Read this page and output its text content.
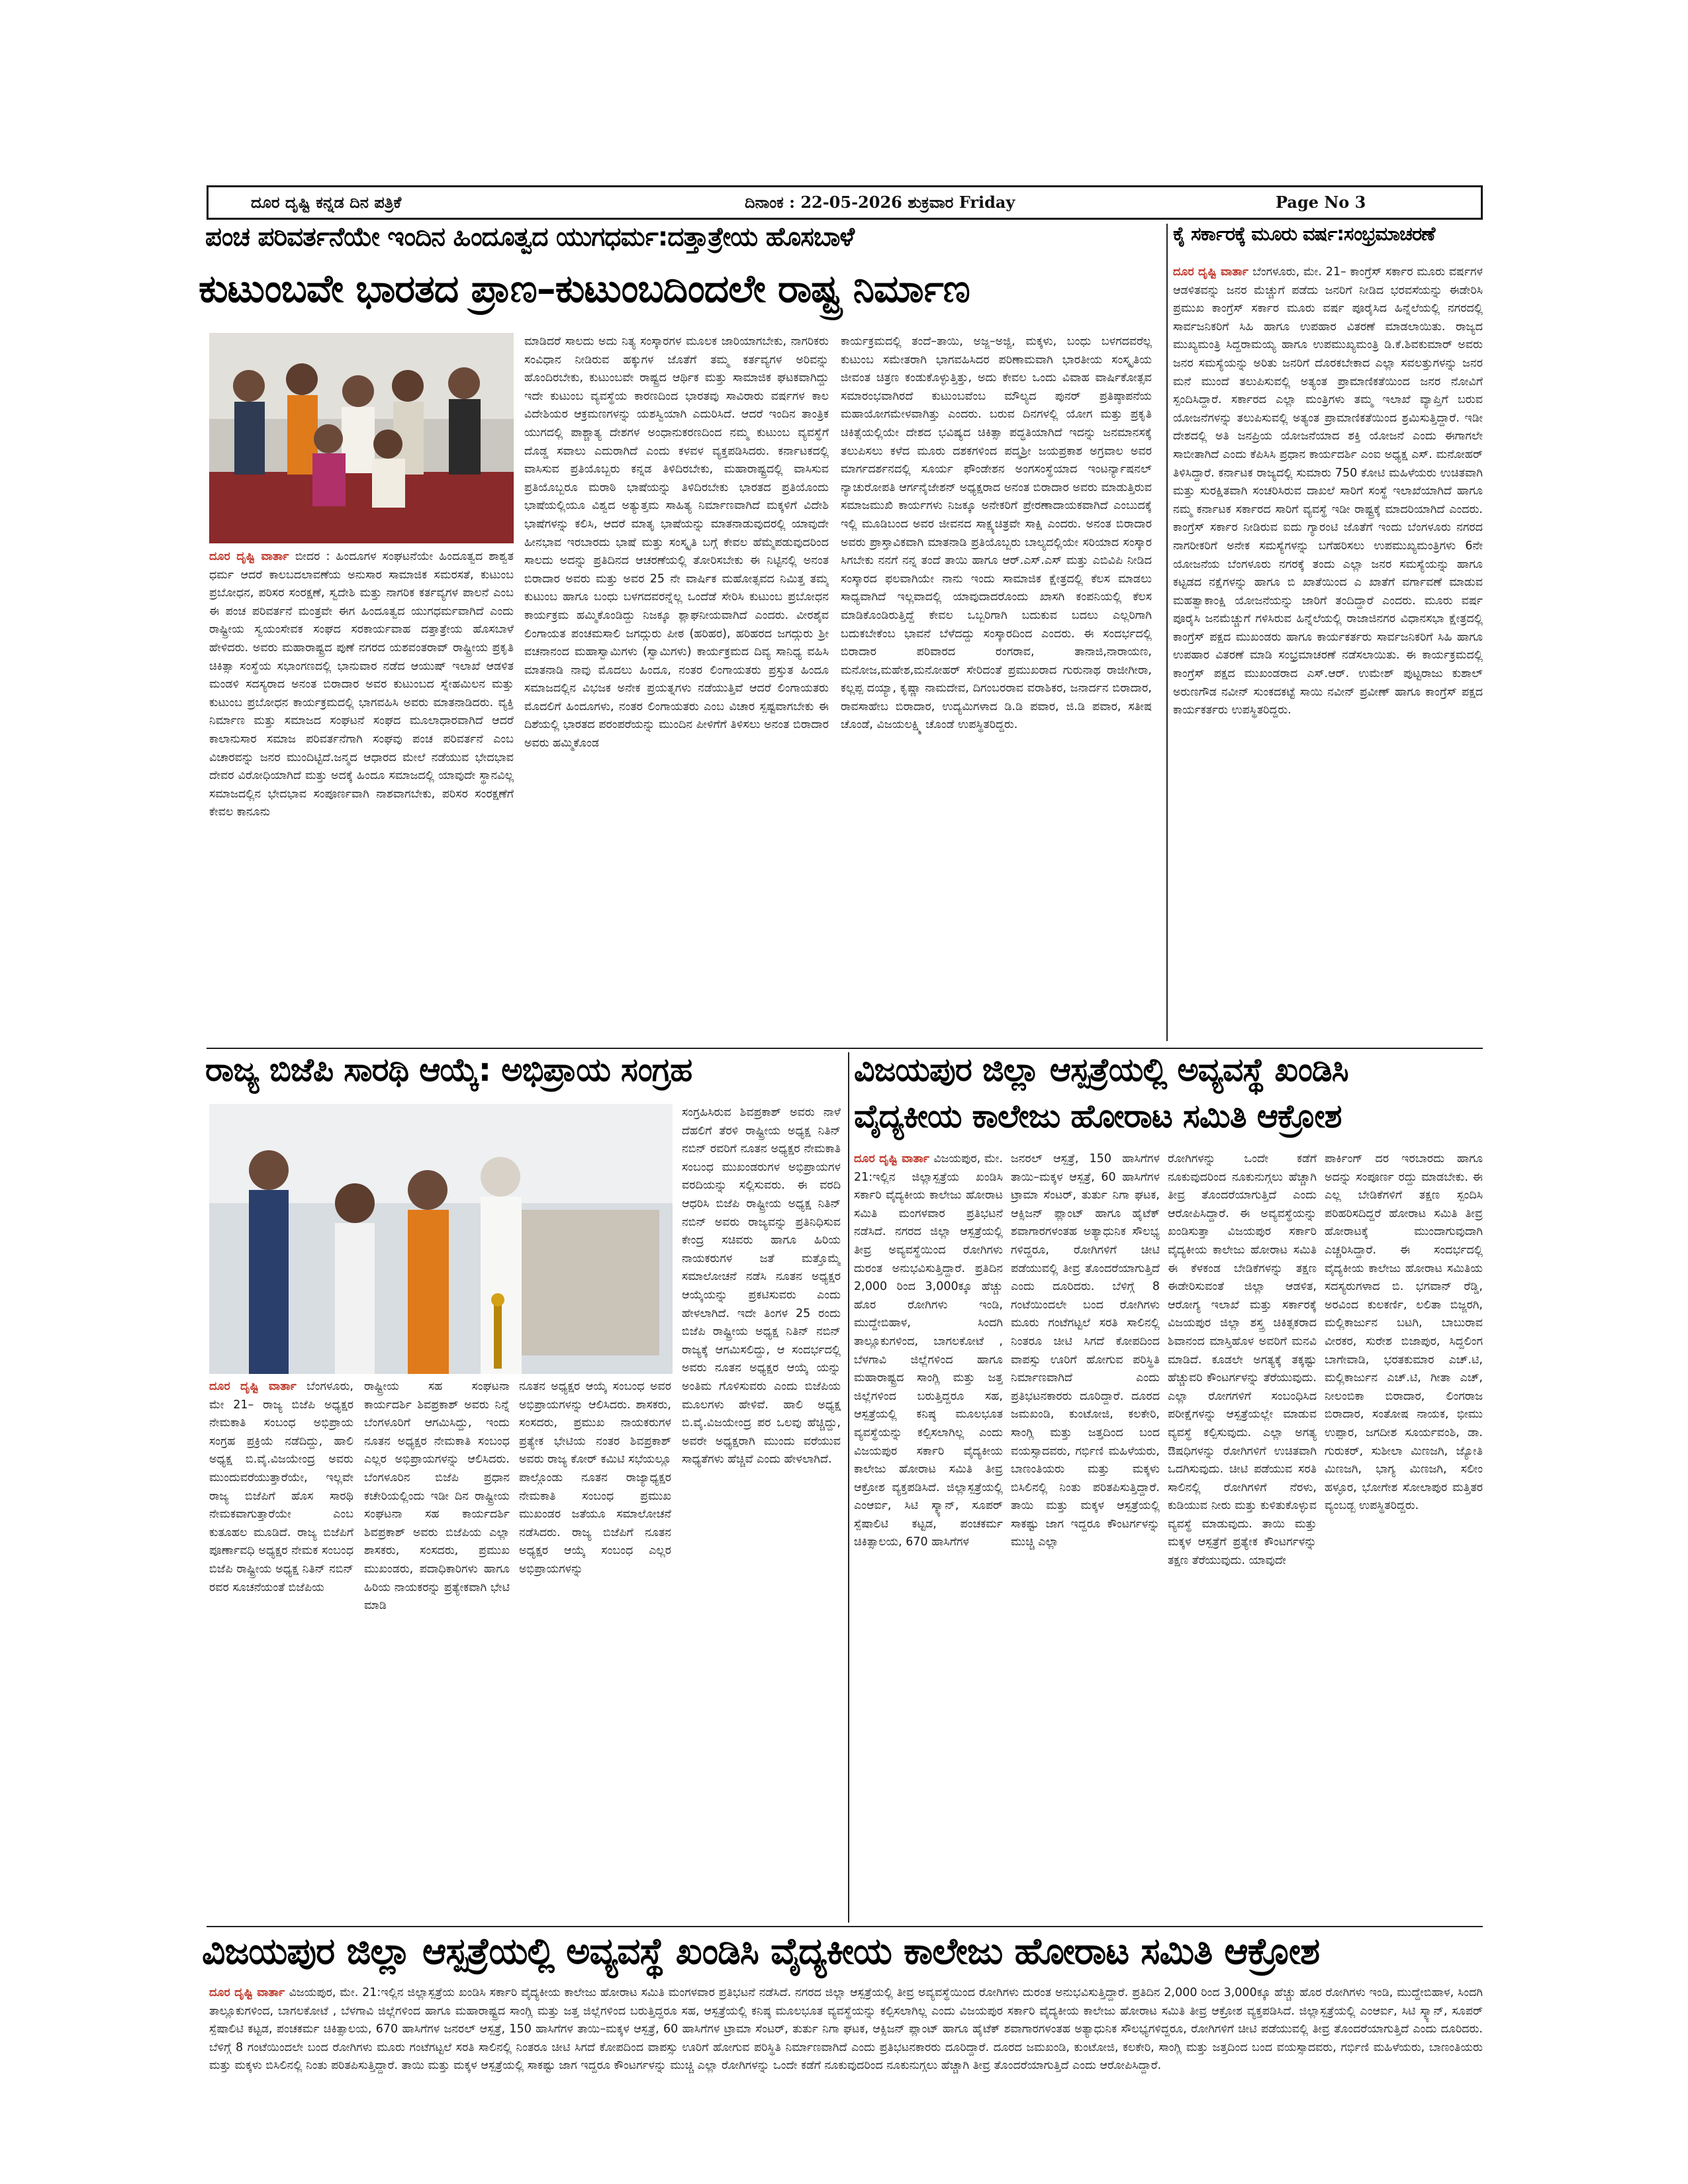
ದೂರ ದೃಷ್ಟಿ ಕನ್ನಡ ದಿನ ಪತ್ರಿಕೆ	ದಿನಾಂಕ : 22-05-2026 ಶುಕ್ರವಾರ Friday	Page No 3
ಪಂಚ ಪರಿವರ್ತನೆಯೇ ಇಂದಿನ ಹಿಂದೂತ್ವದ ಯುಗಧರ್ಮ:ದತ್ತಾತ್ರೇಯ ಹೊಸಬಾಳೆ
ಕುಟುಂಬವೇ ಭಾರತದ ಪ್ರಾಣ–ಕುಟುಂಬದಿಂದಲೇ ರಾಷ್ಟ್ರ ನಿರ್ಮಾಣ
ದೂರ ದೃಷ್ಟಿ ವಾರ್ತಾ ಬೀದರ : ಹಿಂದೂಗಳ ಸಂಘಟನೆಯೇ ಹಿಂದೂತ್ವದ ಶಾಶ್ವತ ಧರ್ಮ ಆದರೆ ಕಾಲಬದಲಾವಣೆಯ ಅನುಸಾರ ಸಾಮಾಜಿಕ ಸಮರಸತೆ, ಕುಟುಂಬ ಪ್ರಬೋಧನ, ಪರಿಸರ ಸಂರಕ್ಷಣೆ, ಸ್ವದೇಶಿ ಮತ್ತು ನಾಗರಿಕ ಕರ್ತವ್ಯಗಳ ಪಾಲನೆ ಎಂಬ ಈ ಪಂಚ ಪರಿವರ್ತನೆ ಮಂತ್ರವೇ ಈಗ ಹಿಂದೂತ್ವದ ಯುಗಧರ್ಮವಾಗಿದೆ ಎಂದು ರಾಷ್ಟ್ರೀಯ ಸ್ವಯಂಸೇವಕ ಸಂಘದ ಸರಕಾರ್ಯವಾಹ ದತ್ತಾತ್ರೇಯ ಹೊಸಬಾಳೆ ಹೇಳಿದರು. ಅವರು ಮಹಾರಾಷ್ಟ್ರದ ಪುಣೆ ನಗರದ ಯಶವಂತರಾವ್ ರಾಷ್ಟ್ರೀಯ ಪ್ರಕೃತಿ ಚಿಕಿತ್ಸಾ ಸಂಸ್ಥೆಯ ಸಭಾಂಗಣದಲ್ಲಿ ಭಾನುವಾರ ನಡೆದ ಆಯುಷ್ ಇಲಾಖೆ ಆಡಳಿತ ಮಂಡಳಿ ಸದಸ್ಯರಾದ ಅನಂತ ಬಿರಾದಾರ ಅವರ ಕುಟುಂಬದ ಸ್ನೇಹಮಿಲನ ಮತ್ತು ಕುಟುಂಬ ಪ್ರಬೋಧನ ಕಾರ್ಯಕ್ರಮದಲ್ಲಿ ಭಾಗವಹಿಸಿ ಅವರು ಮಾತನಾಡಿದರು. ವ್ಯಕ್ತಿ ನಿರ್ಮಾಣ ಮತ್ತು ಸಮಾಜದ ಸಂಘಟನೆ ಸಂಘದ ಮೂಲಾಧಾರವಾಗಿದೆ ಆದರೆ ಕಾಲಾನುಸಾರ ಸಮಾಜ ಪರಿವರ್ತನೆಗಾಗಿ ಸಂಘವು ಪಂಚ ಪರಿವರ್ತನೆ ಎಂಬ ವಿಚಾರವನ್ನು ಜನರ ಮುಂದಿಟ್ಟಿದೆ.ಜನ್ಮದ ಆಧಾರದ ಮೇಲೆ ನಡೆಯುವ ಭೇದಭಾವ ದೇವರ ವಿರೋಧಿಯಾಗಿದೆ ಮತ್ತು ಅದಕ್ಕೆ ಹಿಂದೂ ಸಮಾಜದಲ್ಲಿ ಯಾವುದೇ ಸ್ಥಾನವಿಲ್ಲ ಸಮಾಜದಲ್ಲಿನ ಭೇದಭಾವ ಸಂಪೂರ್ಣವಾಗಿ ನಾಶವಾಗಬೇಕು, ಪರಿಸರ ಸಂರಕ್ಷಣೆಗೆ ಕೇವಲ ಕಾನೂನು
ಮಾಡಿದರೆ ಸಾಲದು ಅದು ನಿತ್ಯ ಸಂಸ್ಕಾರಗಳ ಮೂಲಕ ಜಾರಿಯಾಗಬೇಕು, ನಾಗರಿಕರು ಸಂವಿಧಾನ ನೀಡಿರುವ ಹಕ್ಕುಗಳ ಜೊತೆಗೆ ತಮ್ಮ ಕರ್ತವ್ಯಗಳ ಅರಿವನ್ನು ಹೊಂದಿರಬೇಕು, ಕುಟುಂಬವೇ ರಾಷ್ಟ್ರದ ಆರ್ಥಿಕ ಮತ್ತು ಸಾಮಾಜಿಕ ಘಟಕವಾಗಿದ್ದು ಇದೇ ಕುಟುಂಬ ವ್ಯವಸ್ಥೆಯ ಕಾರಣದಿಂದ ಭಾರತವು ಸಾವಿರಾರು ವರ್ಷಗಳ ಕಾಲ ವಿದೇಶಿಯರ ಆಕ್ರಮಣಗಳನ್ನು ಯಶಸ್ವಿಯಾಗಿ ಎದುರಿಸಿದೆ. ಆದರೆ ಇಂದಿನ ತಾಂತ್ರಿಕ ಯುಗದಲ್ಲಿ ಪಾಶ್ಚಾತ್ಯ ದೇಶಗಳ ಅಂಧಾನುಕರಣದಿಂದ ನಮ್ಮ ಕುಟುಂಬ ವ್ಯವಸ್ಥೆಗೆ ದೊಡ್ಡ ಸವಾಲು ಎದುರಾಗಿದೆ ಎಂದು ಕಳವಳ ವ್ಯಕ್ತಪಡಿಸಿದರು. ಕರ್ನಾಟಕದಲ್ಲಿ ವಾಸಿಸುವ ಪ್ರತಿಯೊಬ್ಬರು ಕನ್ನಡ ತಿಳಿದಿರಬೇಕು, ಮಹಾರಾಷ್ಟ್ರದಲ್ಲಿ ವಾಸಿಸುವ ಪ್ರತಿಯೊಬ್ಬರೂ ಮರಾಠಿ ಭಾಷೆಯನ್ನು ತಿಳಿದಿರಬೇಕು ಭಾರತದ ಪ್ರತಿಯೊಂದು ಭಾಷೆಯಲ್ಲಿಯೂ ವಿಶ್ವದ ಅತ್ಯುತ್ತಮ ಸಾಹಿತ್ಯ ನಿರ್ಮಾಣವಾಗಿದೆ ಮಕ್ಕಳಿಗೆ ವಿದೇಶಿ ಭಾಷೆಗಳನ್ನು ಕಲಿಸಿ, ಆದರೆ ಮಾತೃ ಭಾಷೆಯನ್ನು ಮಾತನಾಡುವುದರಲ್ಲಿ ಯಾವುದೇ ಹೀನಭಾವ ಇರಬಾರದು ಭಾಷೆ ಮತ್ತು ಸಂಸ್ಕೃತಿ ಬಗ್ಗೆ ಕೇವಲ ಹೆಮ್ಮೆಪಡುವುದರಿಂದ ಸಾಲದು ಅದನ್ನು ಪ್ರತಿದಿನದ ಆಚರಣೆಯಲ್ಲಿ ತೋರಿಸಬೇಕು ಈ ನಿಟ್ಟಿನಲ್ಲಿ ಅನಂತ ಬಿರಾದಾರ ಅವರು ಮತ್ತು ಅವರ 25 ನೇ ವಾರ್ಷಿಕ ಮಹೋತ್ಸವದ ನಿಮಿತ್ತ ತಮ್ಮ ಕುಟುಂಬ ಹಾಗೂ ಬಂಧು ಬಳಗದವರನ್ನೆಲ್ಲ ಒಂದೆಡೆ ಸೇರಿಸಿ ಕುಟುಂಬ ಪ್ರಬೋಧನ ಕಾರ್ಯಕ್ರಮ ಹಮ್ಮಿಕೊಂಡಿದ್ದು ನಿಜಕ್ಕೂ ಶ್ಲಾಘನೀಯವಾಗಿದೆ ಎಂದರು. ವೀರಶೈವ ಲಿಂಗಾಯತ ಪಂಚಮಸಾಲಿ ಜಗದ್ಗುರು ಪೀಠ (ಹರಿಹರ), ಹರಿಹರದ ಜಗದ್ಗುರು ಶ್ರೀ ವಚನಾನಂದ ಮಹಾಸ್ವಾಮಿಗಳು (ಸ್ವಾಮಿಗಳು) ಕಾರ್ಯಕ್ರಮದ ದಿವ್ಯ ಸಾನಿಧ್ಯ ವಹಿಸಿ ಮಾತನಾಡಿ ನಾವು ಮೊದಲು ಹಿಂದೂ, ನಂತರ ಲಿಂಗಾಯತರು ಪ್ರಸ್ತುತ ಹಿಂದೂ ಸಮಾಜದಲ್ಲಿನ ವಿಭಜಕ ಅನೇಕ ಪ್ರಯತ್ನಗಳು ನಡೆಯುತ್ತಿವೆ ಆದರೆ ಲಿಂಗಾಯತರು ಮೊದಲಿಗೆ ಹಿಂದೂಗಳು, ನಂತರ ಲಿಂಗಾಯತರು ಎಂಬ ವಿಚಾರ ಸ್ಪಷ್ಟವಾಗಬೇಕು ಈ ದಿಶೆಯಲ್ಲಿ ಭಾರತದ ಪರಂಪರೆಯನ್ನು ಮುಂದಿನ ಪೀಳಿಗೆಗೆ ತಿಳಿಸಲು ಅನಂತ ಬಿರಾದಾರ ಅವರು ಹಮ್ಮಿಕೊಂಡ
ಕಾರ್ಯಕ್ರಮದಲ್ಲಿ ತಂದೆ–ತಾಯಿ, ಅಜ್ಜ–ಅಜ್ಜಿ, ಮಕ್ಕಳು, ಬಂಧು ಬಳಗದವರೆಲ್ಲ ಕುಟುಂಬ ಸಮೇತರಾಗಿ ಭಾಗವಹಿಸಿದರ ಪರಿಣಾಮವಾಗಿ ಭಾರತೀಯ ಸಂಸ್ಕೃತಿಯ ಜೀವಂತ ಚಿತ್ರಣ ಕಂಡುಕೊಳ್ಳುತ್ತಿತ್ತು, ಅದು ಕೇವಲ ಒಂದು ವಿವಾಹ ವಾರ್ಷಿಕೋತ್ಸವ ಸಮಾರಂಭವಾಗಿರದೆ ಕುಟುಂಬವೆಂಬ ಮೌಲ್ಯದ ಪುನರ್ ಪ್ರತಿಷ್ಠಾಪನೆಯ ಮಹಾಯೋಗಮೇಳವಾಗಿತ್ತು ಎಂದರು. ಬರುವ ದಿನಗಳಲ್ಲಿ ಯೋಗ ಮತ್ತು ಪ್ರಕೃತಿ ಚಿಕಿತ್ಸೆಯಲ್ಲಿಯೇ ದೇಶದ ಭವಿಷ್ಯದ ಚಿಕಿತ್ಸಾ ಪದ್ಧತಿಯಾಗಿದೆ ಇದನ್ನು ಜನಮಾನಸಕ್ಕೆ ತಲುಪಿಸಲು ಕಳೆದ ಮೂರು ದಶಕಗಳಿಂದ ಪದ್ಮಶ್ರೀ ಜಯಪ್ರಕಾಶ ಅಗ್ರವಾಲ ಅವರ ಮಾರ್ಗದರ್ಶನದಲ್ಲಿ ಸೂರ್ಯ ಫೌಂಡೇಶನ ಅಂಗಸಂಸ್ಥೆಯಾದ ಇಂಟರ್ನ್ಯಾಷನಲ್ ನ್ಯಾಚುರೋಪತಿ ಆರ್ಗನೈಜೇಶನ್ ಅಧ್ಯಕ್ಷರಾದ ಅನಂತ ಬಿರಾದಾರ ಅವರು ಮಾಡುತ್ತಿರುವ ಸಮಾಜಮುಖಿ ಕಾರ್ಯಗಳು ನಿಜಕ್ಕೂ ಅನೇಕರಿಗೆ ಪ್ರೇರಣಾದಾಯಕವಾಗಿದೆ ಎಂಬುದಕ್ಕೆ ಇಲ್ಲಿ ಮೂಡಿಬಂದ ಅವರ ಜೀವನದ ಸಾಕ್ಷ್ಯಚಿತ್ರವೇ ಸಾಕ್ಷಿ ಎಂದರು. ಅನಂತ ಬಿರಾದಾರ ಅವರು ಪ್ರಾಸ್ತಾವಿಕವಾಗಿ ಮಾತನಾಡಿ ಪ್ರತಿಯೊಬ್ಬರು ಬಾಲ್ಯದಲ್ಲಿಯೇ ಸರಿಯಾದ ಸಂಸ್ಕಾರ ಸಿಗಬೇಕು ನನಗೆ ನನ್ನ ತಂದೆ ತಾಯಿ ಹಾಗೂ ಆರ್.ಎಸ್.ಎಸ್ ಮತ್ತು ಎಬಿವಿಪಿ ನೀಡಿದ ಸಂಸ್ಕಾರದ ಫಲವಾಗಿಯೇ ನಾನು ಇಂದು ಸಾಮಾಜಿಕ ಕ್ಷೇತ್ರದಲ್ಲಿ ಕೆಲಸ ಮಾಡಲು ಸಾಧ್ಯವಾಗಿದೆ ಇಲ್ಲವಾದಲ್ಲಿ ಯಾವುದಾದರೊಂದು ಖಾಸಗಿ ಕಂಪನಿಯಲ್ಲಿ ಕೆಲಸ ಮಾಡಿಕೊಂಡಿರುತ್ತಿದ್ದೆ ಕೇವಲ ಒಬ್ಬರಿಗಾಗಿ ಬದುಕುವ ಬದಲು ಎಲ್ಲರಿಗಾಗಿ ಬದುಕಬೇಕೆಂಬ ಭಾವನೆ ಬೆಳೆದದ್ದು ಸಂಸ್ಕಾರದಿಂದ ಎಂದರು. ಈ ಸಂದರ್ಭದಲ್ಲಿ ಬಿರಾದಾರ ಪರಿವಾರದ ರಂಗರಾವ, ತಾನಾಜಿ,ನಾರಾಯಣ, ಮನೋಜ,ಮಹೇಶ,ಮನೋಹರ್ ಸೇರಿದಂತೆ ಪ್ರಮುಖರಾದ ಗುರುನಾಥ ರಾಜೀಗೀರಾ, ಕಲ್ಲಪ್ಪ ದಯ್ಯಾ, ಕೃಷ್ಣಾ ನಾಮದೇವ, ದಿಗಂಬರರಾವ ವರಾಶಿಕರ, ಜನಾರ್ದನ ಬಿರಾದಾರ, ರಾವಸಾಹೇಬ ಬಿರಾದಾರ, ಉದ್ಯಮಿಗಳಾದ ಡಿ.ಡಿ ಪವಾರ, ಜಿ.ಡಿ ಪವಾರ, ಸತೀಷ ಚೊಂಡೆ, ವಿಜಯಲಕ್ಷ್ಮಿ ಚೊಂಡೆ ಉಪಸ್ಥಿತರಿದ್ದರು.
ಕೈ ಸರ್ಕಾರಕ್ಕೆ ಮೂರು ವರ್ಷ:ಸಂಭ್ರಮಾಚರಣೆ
ದೂರ ದೃಷ್ಟಿ ವಾರ್ತಾ ಬೆಂಗಳೂರು, ಮೇ. 21– ಕಾಂಗ್ರೆಸ್ ಸರ್ಕಾರ ಮೂರು ವರ್ಷಗಳ ಆಡಳಿತವನ್ನು ಜನರ ಮೆಚ್ಚುಗೆ ಪಡೆದು ಜನರಿಗೆ ನೀಡಿದ ಭರವಸೆಯನ್ನು ಈಡೇರಿಸಿ ಪ್ರಮುಖ ಕಾಂಗ್ರೆಸ್ ಸರ್ಕಾರ ಮೂರು ವರ್ಷ ಪೂರೈಸಿದ ಹಿನ್ನೆಲೆಯಲ್ಲಿ ನಗರದಲ್ಲಿ ಸಾರ್ವಜನಿಕರಿಗೆ ಸಿಹಿ ಹಾಗೂ ಉಪಹಾರ ವಿತರಣೆ ಮಾಡಲಾಯಿತು. ರಾಜ್ಯದ ಮುಖ್ಯಮಂತ್ರಿ ಸಿದ್ದರಾಮಯ್ಯ ಹಾಗೂ ಉಪಮುಖ್ಯಮಂತ್ರಿ ಡಿ.ಕೆ.ಶಿವಕುಮಾರ್ ಅವರು ಜನರ ಸಮಸ್ಯೆಯನ್ನು ಅರಿತು ಜನರಿಗೆ ದೊರಕಬೇಕಾದ ಎಲ್ಲಾ ಸವಲತ್ತುಗಳನ್ನು ಜನರ ಮನೆ ಮುಂದೆ ತಲುಪಿಸುವಲ್ಲಿ ಅತ್ಯಂತ ಪ್ರಾಮಾಣಿಕತೆಯಿಂದ ಜನರ ನೋವಿಗೆ ಸ್ಪಂದಿಸಿದ್ದಾರೆ. ಸರ್ಕಾರದ ಎಲ್ಲಾ ಮಂತ್ರಿಗಳು ತಮ್ಮ ಇಲಾಖೆ ವ್ಯಾಪ್ತಿಗೆ ಬರುವ ಯೋಜನೆಗಳನ್ನು ತಲುಪಿಸುವಲ್ಲಿ ಅತ್ಯಂತ ಪ್ರಾಮಾಣಿಕತೆಯಿಂದ ಶ್ರಮಿಸುತ್ತಿದ್ದಾರೆ. ಇಡೀ ದೇಶದಲ್ಲಿ ಅತಿ ಜನಪ್ರಿಯ ಯೋಜನೆಯಾದ ಶಕ್ತಿ ಯೋಜನೆ ಎಂದು ಈಗಾಗಲೇ ಸಾಬೀತಾಗಿದೆ ಎಂದು ಕೆಪಿಸಿಸಿ ಪ್ರಧಾನ ಕಾರ್ಯದರ್ಶಿ ಎಂಐ ಅಧ್ಯಕ್ಷ ಎಸ್. ಮನೋಹರ್ ತಿಳಿಸಿದ್ದಾರೆ. ಕರ್ನಾಟಕ ರಾಜ್ಯದಲ್ಲಿ ಸುಮಾರು 750 ಕೋಟಿ ಮಹಿಳೆಯರು ಉಚಿತವಾಗಿ ಮತ್ತು ಸುರಕ್ಷಿತವಾಗಿ ಸಂಚರಿಸಿರುವ ದಾಖಲೆ ಸಾರಿಗೆ ಸಂಸ್ಥೆ ಇಲಾಖೆಯಾಗಿದೆ ಹಾಗೂ ನಮ್ಮ ಕರ್ನಾಟಕ ಸರ್ಕಾರದ ಸಾರಿಗೆ ವ್ಯವಸ್ಥೆ ಇಡೀ ರಾಷ್ಟ್ರಕ್ಕೆ ಮಾದರಿಯಾಗಿದೆ ಎಂದರು. ಕಾಂಗ್ರೆಸ್ ಸರ್ಕಾರ ನೀಡಿರುವ ಐದು ಗ್ಯಾರಂಟಿ ಜೊತೆಗೆ ಇಂದು ಬೆಂಗಳೂರು ನಗರದ ನಾಗರೀಕರಿಗೆ ಅನೇಕ ಸಮಸ್ಯೆಗಳನ್ನು ಬಗೆಹರಿಸಲು ಉಪಮುಖ್ಯಮಂತ್ರಿಗಳು 6ನೇ ಯೋಜನೆಯ ಬೆಂಗಳೂರು ನಗರಕ್ಕೆ ತಂದು ಎಲ್ಲಾ ಜನರ ಸಮಸ್ಯೆಯನ್ನು ಹಾಗೂ ಕಟ್ಟಡದ ನಕ್ಷೆಗಳನ್ನು ಹಾಗೂ ಬಿ ಖಾತೆಯಿಂದ ಎ ಖಾತೆಗೆ ವರ್ಗಾವಣೆ ಮಾಡುವ ಮಹತ್ವಾಕಾಂಕ್ಷಿ ಯೋಜನೆಯನ್ನು ಜಾರಿಗೆ ತಂದಿದ್ದಾರೆ ಎಂದರು. ಮೂರು ವರ್ಷ ಪೂರೈಸಿ ಜನಮೆಚ್ಚುಗೆ ಗಳಿಸಿರುವ ಹಿನ್ನೆಲೆಯಲ್ಲಿ ರಾಜಾಜಿನಗರ ವಿಧಾನಸಭಾ ಕ್ಷೇತ್ರದಲ್ಲಿ ಕಾಂಗ್ರೆಸ್ ಪಕ್ಷದ ಮುಖಂಡರು ಹಾಗೂ ಕಾರ್ಯಕರ್ತರು ಸಾರ್ವಜನಿಕರಿಗೆ ಸಿಹಿ ಹಾಗೂ ಉಪಹಾರ ವಿತರಣೆ ಮಾಡಿ ಸಂಭ್ರಮಾಚರಣೆ ನಡೆಸಲಾಯಿತು. ಈ ಕಾರ್ಯಕ್ರಮದಲ್ಲಿ ಕಾಂಗ್ರೆಸ್ ಪಕ್ಷದ ಮುಖಂಡರಾದ ಎಸ್.ಆರ್. ಉಮೇಶ್ ಪುಟ್ಟರಾಜು ಕುಶಾಲ್ ಅರುಣಗೌಡ ನವೀನ್ ಸುಂಕದಕಟ್ಟೆ ಸಾಯಿ ನವೀನ್ ಪ್ರವೀಣ್ ಹಾಗೂ ಕಾಂಗ್ರೆಸ್ ಪಕ್ಷದ ಕಾರ್ಯಕರ್ತರು ಉಪಸ್ಥಿತರಿದ್ದರು.
ರಾಜ್ಯ ಬಿಜೆಪಿ ಸಾರಥಿ ಆಯ್ಕೆ: ಅಭಿಪ್ರಾಯ ಸಂಗ್ರಹ
ದೂರ ದೃಷ್ಟಿ ವಾರ್ತಾ ಬೆಂಗಳೂರು, ಮೇ 21– ರಾಜ್ಯ ಬಿಜೆಪಿ ಅಧ್ಯಕ್ಷರ ನೇಮಕಾತಿ ಸಂಬಂಧ ಅಭಿಪ್ರಾಯ ಸಂಗ್ರಹ ಪ್ರಕ್ರಿಯೆ ನಡೆದಿದ್ದು, ಹಾಲಿ ಅಧ್ಯಕ್ಷ ಬಿ.ವೈ.ವಿಜಯೇಂದ್ರ ಅವರು ಮುಂದುವರೆಯುತ್ತಾರೆಯೇ, ಇಲ್ಲವೇ ರಾಜ್ಯ ಬಿಜೆಪಿಗೆ ಹೊಸ ಸಾರಥಿ ನೇಮಕವಾಗುತ್ತಾರೆಯೇ ಎಂಬ ಕುತೂಹಲ ಮೂಡಿದೆ. ರಾಜ್ಯ ಬಿಜೆಪಿಗೆ ಪೂರ್ಣಾವಧಿ ಅಧ್ಯಕ್ಷರ ನೇಮಕ ಸಂಬಂಧ ಬಿಜೆಪಿ ರಾಷ್ಟ್ರೀಯ ಅಧ್ಯಕ್ಷ ನಿತಿನ್ ನಬಿನ್ ರವರ ಸೂಚನೆಯಂತೆ ಬಿಜೆಪಿಯ
ರಾಷ್ಟ್ರೀಯ ಸಹ ಸಂಘಟನಾ ಕಾರ್ಯದರ್ಶಿ ಶಿವಪ್ರಕಾಶ್ ಅವರು ನಿನ್ನೆ ಬೆಂಗಳೂರಿಗೆ ಆಗಮಿಸಿದ್ದು, ಇಂದು ನೂತನ ಅಧ್ಯಕ್ಷರ ನೇಮಕಾತಿ ಸಂಬಂಧ ಎಲ್ಲರ ಅಭಿಪ್ರಾಯಗಳನ್ನು ಆಲಿಸಿದರು. ಬೆಂಗಳೂರಿನ ಬಿಜೆಪಿ ಪ್ರಧಾನ ಕಚೇರಿಯಲ್ಲಿಂದು ಇಡೀ ದಿನ ರಾಷ್ಟ್ರೀಯ ಸಂಘಟನಾ ಸಹ ಕಾರ್ಯದರ್ಶಿ ಶಿವಪ್ರಕಾಶ್ ಅವರು ಬಿಜೆಪಿಯ ಎಲ್ಲಾ ಶಾಸಕರು, ಸಂಸದರು, ಪ್ರಮುಖ ಮುಖಂಡರು, ಪದಾಧಿಕಾರಿಗಳು ಹಾಗೂ ಹಿರಿಯ ನಾಯಕರನ್ನು ಪ್ರತ್ಯೇಕವಾಗಿ ಭೇಟಿ ಮಾಡಿ
ನೂತನ ಅಧ್ಯಕ್ಷರ ಆಯ್ಕೆ ಸಂಬಂಧ ಅವರ ಅಭಿಪ್ರಾಯಗಳನ್ನು ಆಲಿಸಿದರು. ಶಾಸಕರು, ಸಂಸದರು, ಪ್ರಮುಖ ನಾಯಕರುಗಳ ಪ್ರತ್ಯೇಕ ಭೇಟಿಯ ನಂತರ ಶಿವಪ್ರಕಾಶ್ ಅವರು ರಾಜ್ಯ ಕೋರ್ ಕಮಿಟಿ ಸಭೆಯಲ್ಲೂ ಪಾಲ್ಗೊಂಡು ನೂತನ ರಾಜ್ಯಾಧ್ಯಕ್ಷರ ನೇಮಕಾತಿ ಸಂಬಂಧ ಪ್ರಮುಖ ಮುಖಂಡರ ಜತೆಯೂ ಸಮಾಲೋಚನೆ ನಡೆಸಿದರು. ರಾಜ್ಯ ಬಿಜೆಪಿಗೆ ನೂತನ ಅಧ್ಯಕ್ಷರ ಆಯ್ಕೆ ಸಂಬಂಧ ಎಲ್ಲರ ಅಭಿಪ್ರಾಯಗಳನ್ನು
ಸಂಗ್ರಹಿಸಿರುವ ಶಿವಪ್ರಕಾಶ್ ಅವರು ನಾಳೆ ದೆಹಲಿಗೆ ತೆರಳಿ ರಾಷ್ಟ್ರೀಯ ಅಧ್ಯಕ್ಷ ನಿತಿನ್ ನಬಿನ್ ರವರಿಗೆ ನೂತನ ಅಧ್ಯಕ್ಷರ ನೇಮಕಾತಿ ಸಂಬಂಧ ಮುಖಂಡರುಗಳ ಅಭಿಪ್ರಾಯಗಳ ವರದಿಯನ್ನು ಸಲ್ಲಿಸುವರು. ಈ ವರದಿ ಆಧರಿಸಿ ಬಿಜೆಪಿ ರಾಷ್ಟ್ರೀಯ ಅಧ್ಯಕ್ಷ ನಿತಿನ್ ನಬಿನ್ ಅವರು ರಾಜ್ಯವನ್ನು ಪ್ರತಿನಿಧಿಸುವ ಕೇಂದ್ರ ಸಚಿವರು ಹಾಗೂ ಹಿರಿಯ ನಾಯಕರುಗಳ ಜತೆ ಮತ್ತೊಮ್ಮೆ ಸಮಾಲೋಚನೆ ನಡೆಸಿ ನೂತನ ಅಧ್ಯಕ್ಷರ ಆಯ್ಕೆಯನ್ನು ಪ್ರಕಟಿಸುವರು ಎಂದು ಹೇಳಲಾಗಿದೆ. ಇದೇ ತಿಂಗಳ 25 ರಂದು ಬಿಜೆಪಿ ರಾಷ್ಟ್ರೀಯ ಅಧ್ಯಕ್ಷ ನಿತಿನ್ ನಬಿನ್ ರಾಜ್ಯಕ್ಕೆ ಆಗಮಿಸಲಿದ್ದು, ಆ ಸಂದರ್ಭದಲ್ಲಿ ಅವರು ನೂತನ ಅಧ್ಯಕ್ಷರ ಆಯ್ಕೆ ಯನ್ನು ಅಂತಿಮ ಗೊಳಿಸುವರು ಎಂದು ಬಿಜೆಪಿಯ ಮೂಲಗಳು ಹೇಳಿವೆ. ಹಾಲಿ ಅಧ್ಯಕ್ಷ ಬಿ.ವೈ.ವಿಜಯೇಂದ್ರ ಪರ ಒಲವು ಹೆಚ್ಚಿದ್ದು, ಅವರೇ ಅಧ್ಯಕ್ಷರಾಗಿ ಮುಂದು ವರೆಯುವ ಸಾಧ್ಯತೆಗಳು ಹೆಚ್ಚಿವೆ ಎಂದು ಹೇಳಲಾಗಿದೆ.
ವಿಜಯಪುರ ಜಿಲ್ಲಾ ಆಸ್ಪತ್ರೆಯಲ್ಲಿ ಅವ್ಯವಸ್ಥೆ ಖಂಡಿಸಿ
ವೈದ್ಯಕೀಯ ಕಾಲೇಜು ಹೋರಾಟ ಸಮಿತಿ ಆಕ್ರೋಶ
ದೂರ ದೃಷ್ಟಿ ವಾರ್ತಾ ವಿಜಯಪುರ, ಮೇ. 21:ಇಲ್ಲಿನ ಜಿಲ್ಲಾಸ್ಪತ್ರೆಯ ಖಂಡಿಸಿ ಸರ್ಕಾರಿ ವೈದ್ಯಕೀಯ ಕಾಲೇಜು ಹೋರಾಟ ಸಮಿತಿ ಮಂಗಳವಾರ ಪ್ರತಿಭಟನೆ ನಡೆಸಿದೆ. ನಗರದ ಜಿಲ್ಲಾ ಆಸ್ಪತ್ರೆಯಲ್ಲಿ ತೀವ್ರ ಅವ್ಯವಸ್ಥೆಯಿಂದ ರೋಗಿಗಳು ದುರಂತ ಅನುಭವಿಸುತ್ತಿದ್ದಾರೆ. ಪ್ರತಿದಿನ 2,000 ರಿಂದ 3,000ಕ್ಕೂ ಹೆಚ್ಚು ಹೊರ ರೋಗಿಗಳು ಇಂಡಿ, ಮುದ್ದೇಬಿಹಾಳ, ಸಿಂದಗಿ ತಾಲ್ಲೂಕುಗಳಿಂದ, ಬಾಗಲಕೋಟೆ , ಬೆಳಗಾವಿ ಜಿಲ್ಲೆಗಳಿಂದ ಹಾಗೂ ಮಹಾರಾಷ್ಟ್ರದ ಸಾಂಗ್ಲಿ ಮತ್ತು ಜತ್ತ ಜಿಲ್ಲೆಗಳಿಂದ ಬರುತ್ತಿದ್ದರೂ ಸಹ, ಆಸ್ಪತ್ರೆಯಲ್ಲಿ ಕನಿಷ್ಠ ಮೂಲಭೂತ ವ್ಯವಸ್ಥೆಯನ್ನು ಕಲ್ಪಿಸಲಾಗಿಲ್ಲ ಎಂದು ವಿಜಯಪುರ ಸರ್ಕಾರಿ ವೈದ್ಯಕೀಯ ಕಾಲೇಜು ಹೋರಾಟ ಸಮಿತಿ ತೀವ್ರ ಆಕ್ರೋಶ ವ್ಯಕ್ತಪಡಿಸಿದೆ. ಜಿಲ್ಲಾಸ್ಪತ್ರೆಯಲ್ಲಿ ಎಂಆರ್ಐ, ಸಿಟಿ ಸ್ಕ್ಯಾನ್, ಸೂಪರ್ ಸ್ಪೆಷಾಲಿಟಿ ಕಟ್ಟಡ, ಪಂಚಕರ್ಮ ಚಿಕಿತ್ಸಾಲಯ, 670 ಹಾಸಿಗೆಗಳ
ಜನರಲ್ ಆಸ್ಪತ್ರೆ, 150 ಹಾಸಿಗೆಗಳ ತಾಯಿ–ಮಕ್ಕಳ ಆಸ್ಪತ್ರೆ, 60 ಹಾಸಿಗೆಗಳ ಟ್ರಾಮಾ ಸೆಂಟರ್, ತುರ್ತು ನಿಗಾ ಘಟಕ, ಆಕ್ಸಿಜನ್ ಪ್ಲಾಂಟ್ ಹಾಗೂ ಹೈಟೆಕ್ ಶವಾಗಾರಗಳಂತಹ ಅತ್ಯಾಧುನಿಕ ಸೌಲಭ್ಯ ಗಳಿದ್ದರೂ, ರೋಗಿಗಳಿಗೆ ಚೀಟಿ ಪಡೆಯುವಲ್ಲಿ ತೀವ್ರ ತೊಂದರೆಯಾಗುತ್ತಿದೆ ಎಂದು ದೂರಿದರು. ಬೆಳಿಗ್ಗೆ 8 ಗಂಟೆಯಿಂದಲೇ ಬಂದ ರೋಗಿಗಳು ಮೂರು ಗಂಟೆಗಟ್ಟಲೆ ಸರತಿ ಸಾಲಿನಲ್ಲಿ ನಿಂತರೂ ಚೀಟಿ ಸಿಗದೆ ಕೋಪದಿಂದ ವಾಪಸ್ಸು ಊರಿಗೆ ಹೋಗುವ ಪರಿಸ್ಥಿತಿ ನಿರ್ಮಾಣವಾಗಿದೆ ಎಂದು ಪ್ರತಿಭಟನಕಾರರು ದೂರಿದ್ದಾರೆ. ದೂರದ ಜಮಖಂಡಿ, ಕುಂಟೋಜಿ, ಕಲಕೇರಿ, ಸಾಂಗ್ಲಿ ಮತ್ತು ಜತ್ತದಿಂದ ಬಂದ ವಯಸ್ಸಾದವರು, ಗರ್ಭಿಣಿ ಮಹಿಳೆಯರು, ಬಾಣಂತಿಯರು ಮತ್ತು ಮಕ್ಕಳು ಬಿಸಿಲಿನಲ್ಲಿ ನಿಂತು ಪರಿತಪಿಸುತ್ತಿದ್ದಾರೆ. ತಾಯಿ ಮತ್ತು ಮಕ್ಕಳ ಆಸ್ಪತ್ರೆಯಲ್ಲಿ ಸಾಕಷ್ಟು ಜಾಗ ಇದ್ದರೂ ಕೌಂಟರ್ಗಳನ್ನು ಮುಚ್ಚಿ ಎಲ್ಲಾ
ರೋಗಿಗಳನ್ನು ಒಂದೇ ಕಡೆಗೆ ನೂಕುವುದರಿಂದ ನೂಕುನುಗ್ಗಲು ಹೆಚ್ಚಾಗಿ ತೀವ್ರ ತೊಂದರೆಯಾಗುತ್ತಿದೆ ಎಂದು ಆರೋಪಿಸಿದ್ದಾರೆ. ಈ ಅವ್ಯವಸ್ಥೆಯನ್ನು ಖಂಡಿಸುತ್ತಾ ವಿಜಯಪುರ ಸರ್ಕಾರಿ ವೈದ್ಯಕೀಯ ಕಾಲೇಜು ಹೋರಾಟ ಸಮಿತಿ ಈ ಕೆಳಕಂಡ ಬೇಡಿಕೆಗಳನ್ನು ತಕ್ಷಣ ಈಡೇರಿಸುವಂತೆ ಜಿಲ್ಲಾ ಆಡಳಿತ, ಆರೋಗ್ಯ ಇಲಾಖೆ ಮತ್ತು ಸರ್ಕಾರಕ್ಕೆ ವಿಜಯಪುರ ಜಿಲ್ಲಾ ಶಸ್ತ್ರ ಚಿಕಿತ್ಸಕರಾದ ಶಿವಾನಂದ ಮಾಸ್ತಿಹೊಳ ಅವರಿಗೆ ಮನವಿ ಮಾಡಿದೆ. ಕೂಡಲೇ ಅಗತ್ಯಕ್ಕೆ ತಕ್ಕಷ್ಟು ಹೆಚ್ಚುವರಿ ಕೌಂಟರ್ಗಳನ್ನು ತೆರೆಯುವುದು. ಎಲ್ಲಾ ರೋಗಗಳಿಗೆ ಸಂಬಂಧಿಸಿದ ಪರೀಕ್ಷೆಗಳನ್ನು ಆಸ್ಪತ್ರೆಯಲ್ಲೇ ಮಾಡುವ ವ್ಯವಸ್ಥೆ ಕಲ್ಪಿಸುವುದು. ಎಲ್ಲಾ ಅಗತ್ಯ ಔಷಧಿಗಳನ್ನು ರೋಗಿಗಳಿಗೆ ಉಚಿತವಾಗಿ ಒದಗಿಸುವುದು. ಚೀಟಿ ಪಡೆಯುವ ಸರತಿ ಸಾಲಿನಲ್ಲಿ ರೋಗಿಗಳಿಗೆ ನೆರಳು, ಕುಡಿಯುವ ನೀರು ಮತ್ತು ಕುಳಿತುಕೊಳ್ಳುವ ವ್ಯವಸ್ಥೆ ಮಾಡುವುದು. ತಾಯಿ ಮತ್ತು ಮಕ್ಕಳ ಆಸ್ಪತ್ರೆಗೆ ಪ್ರತ್ಯೇಕ ಕೌಂಟರ್ಗಳನ್ನು ತಕ್ಷಣ ತೆರೆಯುವುದು. ಯಾವುದೇ
ಪಾರ್ಕಿಂಗ್ ದರ ಇರಬಾರದು ಹಾಗೂ ಅದನ್ನು ಸಂಪೂರ್ಣ ರದ್ದು ಮಾಡಬೇಕು. ಈ ಎಲ್ಲ ಬೇಡಿಕೆಗಳಿಗೆ ತಕ್ಷಣ ಸ್ಪಂದಿಸಿ ಪರಿಹರಿಸದಿದ್ದರೆ ಹೋರಾಟ ಸಮಿತಿ ತೀವ್ರ ಹೋರಾಟಕ್ಕೆ ಮುಂದಾಗುವುದಾಗಿ ಎಚ್ಚರಿಸಿದ್ದಾರೆ. ಈ ಸಂದರ್ಭದಲ್ಲಿ ವೈದ್ಯಕೀಯ ಕಾಲೇಜು ಹೋರಾಟ ಸಮಿತಿಯ ಸದಸ್ಯರುಗಳಾದ ಬಿ. ಭಗವಾನ್ ರೆಡ್ಡಿ, ಅರವಿಂದ ಕುಲಕರ್ಣಿ, ಲಲಿತಾ ಬಿಜ್ಜರಗಿ, ಮಲ್ಲಿಕಾರ್ಜುನ ಬಟಗಿ, ಬಾಬುರಾವ ವೀರಕರ, ಸುರೇಶ ಬಿಜಾಪುರ, ಸಿದ್ದಲಿಂಗ ಬಾಗೇವಾಡಿ, ಭರತಕುಮಾರ ಎಚ್.ಟಿ, ಮಲ್ಲಿಕಾರ್ಜುನ ಎಚ್.ಟಿ, ಗೀತಾ ಎಚ್, ನೀಲಂಬಿಕಾ ಬಿರಾದಾರ, ಲಿಂಗರಾಜ ಬಿರಾದಾರ, ಸಂತೋಷ ನಾಯಕ, ಭೀಮು ಉಪ್ಪಾರ, ಜಗದೀಶ ಸೂರ್ಯವಂಶಿ, ಡಾ. ಗುರುಕರ್, ಸುಶೀಲಾ ಮಿಣಜಗಿ, ಜ್ಯೋತಿ ಮಿಣಜಗಿ, ಭಾಗ್ಯ ಮಿಣಜಗಿ, ಸಲೀಂ ಹಳ್ಳೂರ, ಭೋಗೇಶ ಸೋಲಾಪುರ ಮತ್ತಿತರ ವ್ಯಂಬಡ್ಬ ಉಪಸ್ಥಿತರಿದ್ದರು.
ವಿಜಯಪುರ ಜಿಲ್ಲಾ ಆಸ್ಪತ್ರೆಯಲ್ಲಿ ಅವ್ಯವಸ್ಥೆ ಖಂಡಿಸಿ ವೈದ್ಯಕೀಯ ಕಾಲೇಜು ಹೋರಾಟ ಸಮಿತಿ ಆಕ್ರೋಶ
ದೂರ ದೃಷ್ಟಿ ವಾರ್ತಾ ವಿಜಯಪುರ, ಮೇ. 21:ಇಲ್ಲಿನ ಜಿಲ್ಲಾಸ್ಪತ್ರೆಯ ಖಂಡಿಸಿ ಸರ್ಕಾರಿ ವೈದ್ಯಕೀಯ ಕಾಲೇಜು ಹೋರಾಟ ಸಮಿತಿ ಮಂಗಳವಾರ ಪ್ರತಿಭಟನೆ ನಡೆಸಿದೆ. ನಗರದ ಜಿಲ್ಲಾ ಆಸ್ಪತ್ರೆಯಲ್ಲಿ ತೀವ್ರ ಅವ್ಯವಸ್ಥೆಯಿಂದ ರೋಗಿಗಳು ದುರಂತ ಅನುಭವಿಸುತ್ತಿದ್ದಾರೆ. ಪ್ರತಿದಿನ 2,000 ರಿಂದ 3,000ಕ್ಕೂ ಹೆಚ್ಚು ಹೊರ ರೋಗಿಗಳು ಇಂಡಿ, ಮುದ್ದೇಬಿಹಾಳ, ಸಿಂದಗಿ ತಾಲ್ಲೂಕುಗಳಿಂದ, ಬಾಗಲಕೋಟೆ , ಬೆಳಗಾವಿ ಜಿಲ್ಲೆಗಳಿಂದ ಹಾಗೂ ಮಹಾರಾಷ್ಟ್ರದ ಸಾಂಗ್ಲಿ ಮತ್ತು ಜತ್ತ ಜಿಲ್ಲೆಗಳಿಂದ ಬರುತ್ತಿದ್ದರೂ ಸಹ, ಆಸ್ಪತ್ರೆಯಲ್ಲಿ ಕನಿಷ್ಠ ಮೂಲಭೂತ ವ್ಯವಸ್ಥೆಯನ್ನು ಕಲ್ಪಿಸಲಾಗಿಲ್ಲ ಎಂದು ವಿಜಯಪುರ ಸರ್ಕಾರಿ ವೈದ್ಯಕೀಯ ಕಾಲೇಜು ಹೋರಾಟ ಸಮಿತಿ ತೀವ್ರ ಆಕ್ರೋಶ ವ್ಯಕ್ತಪಡಿಸಿದೆ. ಜಿಲ್ಲಾಸ್ಪತ್ರೆಯಲ್ಲಿ ಎಂಆರ್ಐ, ಸಿಟಿ ಸ್ಕ್ಯಾನ್, ಸೂಪರ್ ಸ್ಪೆಷಾಲಿಟಿ ಕಟ್ಟಡ, ಪಂಚಕರ್ಮ ಚಿಕಿತ್ಸಾಲಯ, 670 ಹಾಸಿಗೆಗಳ ಜನರಲ್ ಆಸ್ಪತ್ರೆ, 150 ಹಾಸಿಗೆಗಳ ತಾಯಿ–ಮಕ್ಕಳ ಆಸ್ಪತ್ರೆ, 60 ಹಾಸಿಗೆಗಳ ಟ್ರಾಮಾ ಸೆಂಟರ್, ತುರ್ತು ನಿಗಾ ಘಟಕ, ಆಕ್ಸಿಜನ್ ಪ್ಲಾಂಟ್ ಹಾಗೂ ಹೈಟೆಕ್ ಶವಾಗಾರಗಳಂತಹ ಅತ್ಯಾಧುನಿಕ ಸೌಲಭ್ಯಗಳಿದ್ದರೂ, ರೋಗಿಗಳಿಗೆ ಚೀಟಿ ಪಡೆಯುವಲ್ಲಿ ತೀವ್ರ ತೊಂದರೆಯಾಗುತ್ತಿದೆ ಎಂದು ದೂರಿದರು. ಬೆಳಿಗ್ಗೆ 8 ಗಂಟೆಯಿಂದಲೇ ಬಂದ ರೋಗಿಗಳು ಮೂರು ಗಂಟೆಗಟ್ಟಲೆ ಸರತಿ ಸಾಲಿನಲ್ಲಿ ನಿಂತರೂ ಚೀಟಿ ಸಿಗದೆ ಕೋಪದಿಂದ ವಾಪಸ್ಸು ಊರಿಗೆ ಹೋಗುವ ಪರಿಸ್ಥಿತಿ ನಿರ್ಮಾಣವಾಗಿದೆ ಎಂದು ಪ್ರತಿಭಟನಕಾರರು ದೂರಿದ್ದಾರೆ. ದೂರದ ಜಮಖಂಡಿ, ಕುಂಟೋಜಿ, ಕಲಕೇರಿ, ಸಾಂಗ್ಲಿ ಮತ್ತು ಜತ್ತದಿಂದ ಬಂದ ವಯಸ್ಸಾದವರು, ಗರ್ಭಿಣಿ ಮಹಿಳೆಯರು, ಬಾಣಂತಿಯರು ಮತ್ತು ಮಕ್ಕಳು ಬಿಸಿಲಿನಲ್ಲಿ ನಿಂತು ಪರಿತಪಿಸುತ್ತಿದ್ದಾರೆ. ತಾಯಿ ಮತ್ತು ಮಕ್ಕಳ ಆಸ್ಪತ್ರೆಯಲ್ಲಿ ಸಾಕಷ್ಟು ಜಾಗ ಇದ್ದರೂ ಕೌಂಟರ್ಗಳನ್ನು ಮುಚ್ಚಿ ಎಲ್ಲಾ ರೋಗಿಗಳನ್ನು ಒಂದೇ ಕಡೆಗೆ ನೂಕುವುದರಿಂದ ನೂಕುನುಗ್ಗಲು ಹೆಚ್ಚಾಗಿ ತೀವ್ರ ತೊಂದರೆಯಾಗುತ್ತಿದೆ ಎಂದು ಆರೋಪಿಸಿದ್ದಾರೆ.
